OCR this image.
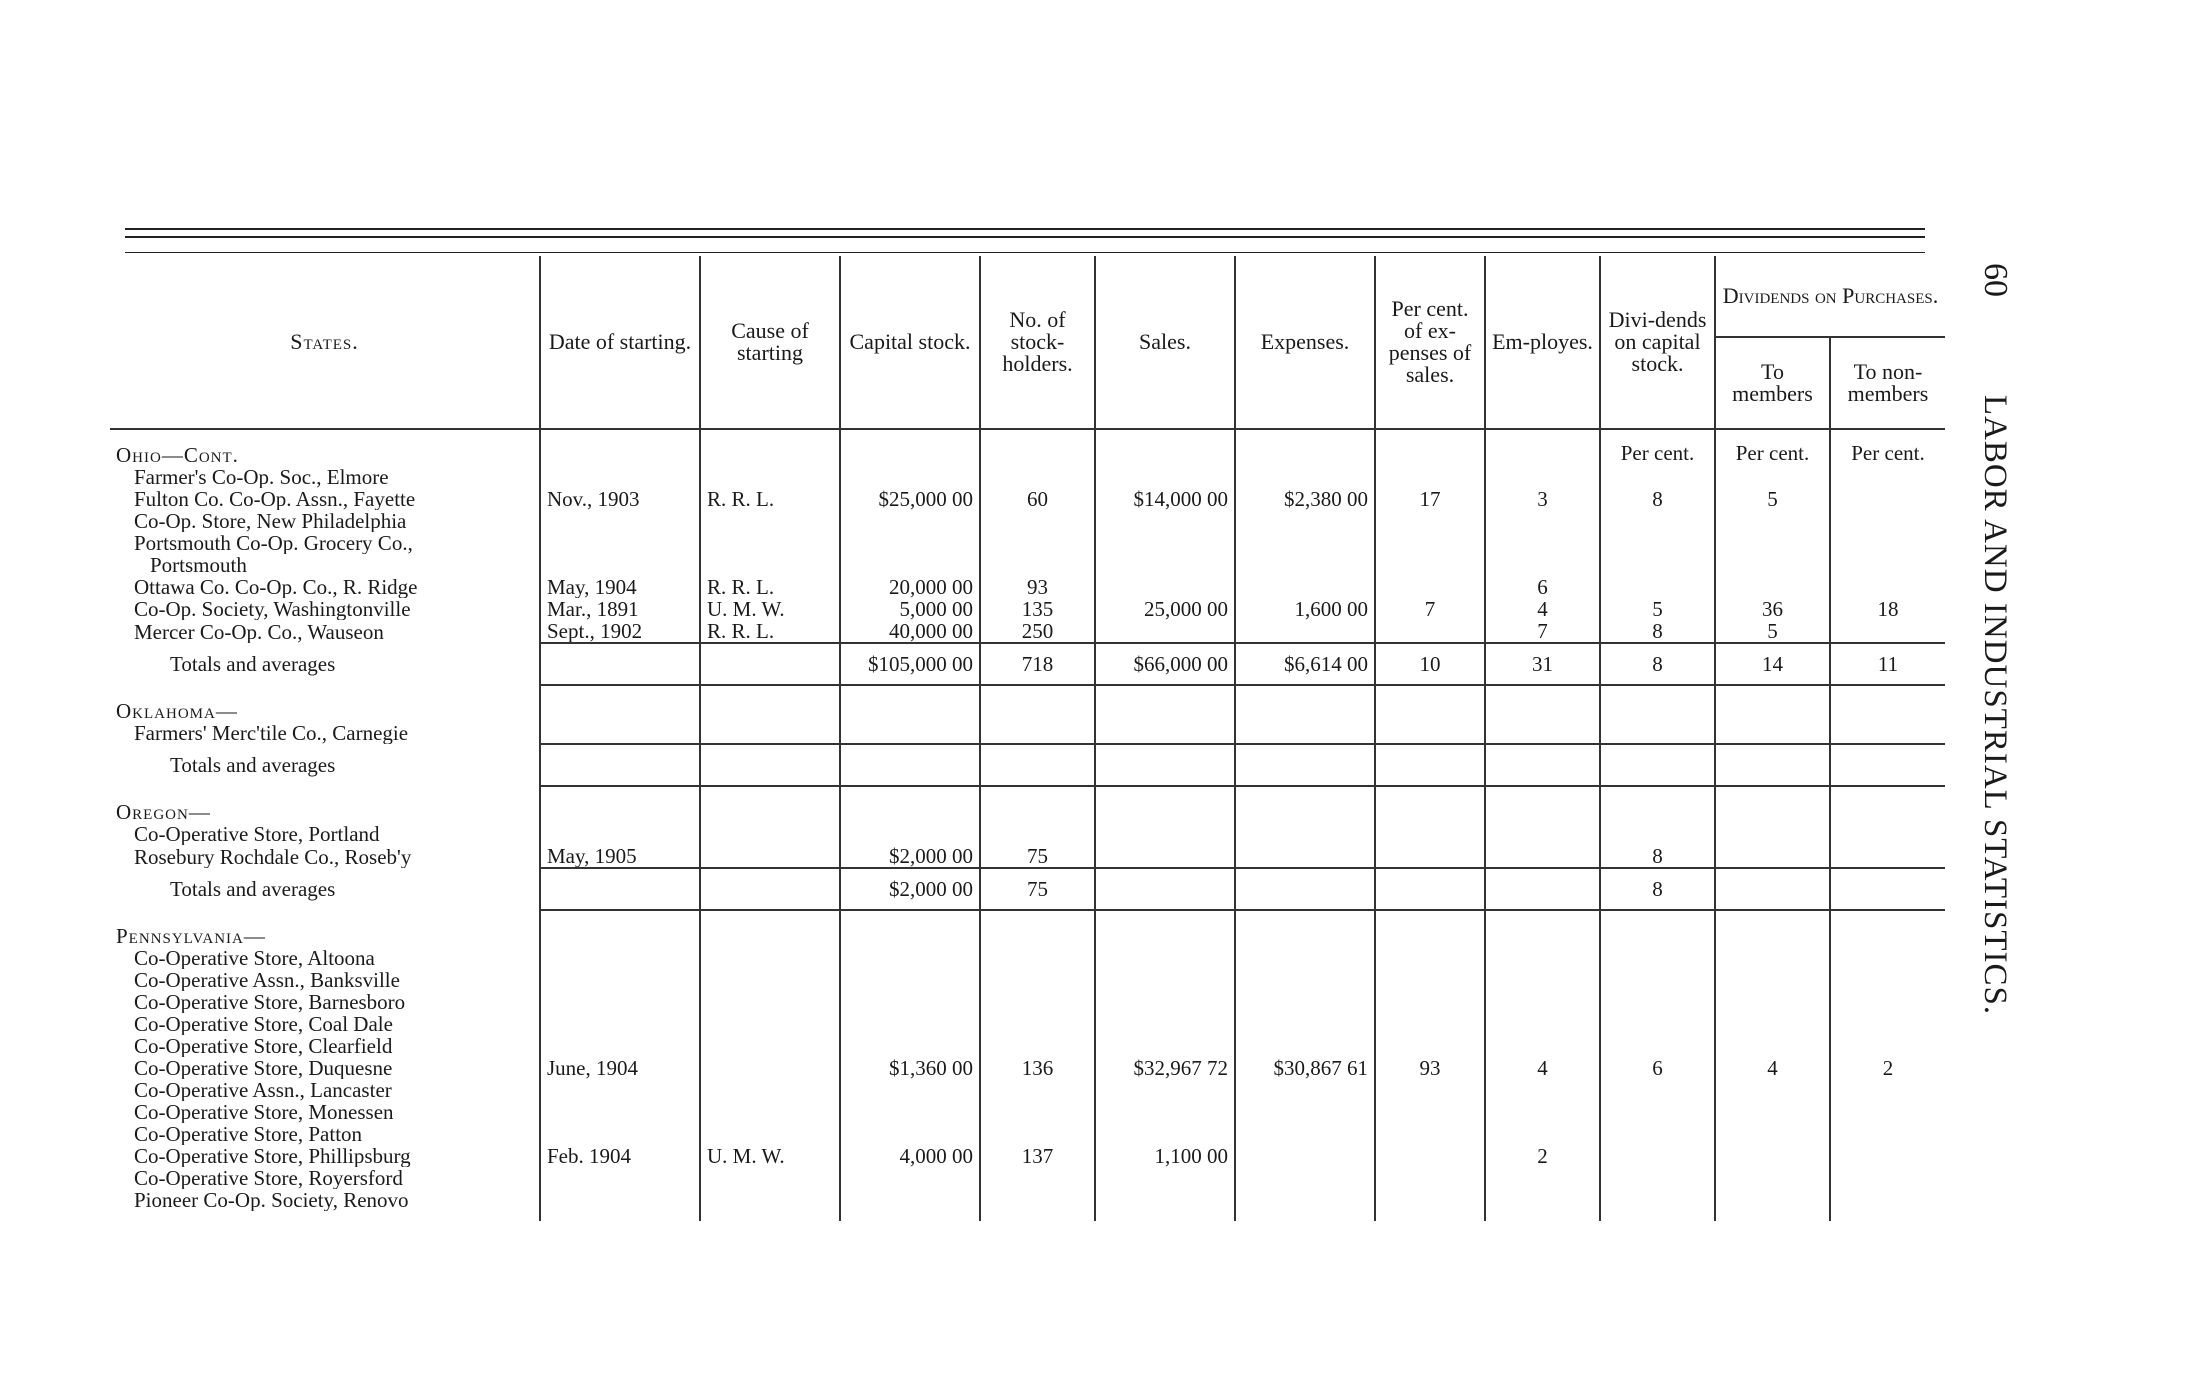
60
LABOR AND INDUSTRIAL STATISTICS.
States.	Date of starting.	Cause of starting	Capital stock.	No. of stock-holders.	Sales.	Expenses.	Per cent. of ex-penses of sales.	Em-ployes.	Divi-dends on capital stock.	Dividends on Purchases.	
										To members	To non-members

Ohio—Cont.									Per cent.	Per cent.	Per cent.
Farmer's Co-Op. Soc., Elmore											
Fulton Co. Co-Op. Assn., Fayette	Nov., 1903	R. R. L.	$25,000 00	60	$14,000 00	$2,380 00	17	3	8	5	
Co-Op. Store, New Philadelphia											
Portsmouth Co-Op. Grocery Co.,											
Portsmouth											
Ottawa Co. Co-Op. Co., R. Ridge	May, 1904	R. R. L.	20,000 00	93				6			
Co-Op. Society, Washingtonville	Mar., 1891	U. M. W.	5,000 00	135	25,000 00	1,600 00	7	4	5	36	18
Mercer Co-Op. Co., Wauseon	Sept., 1902	R. R. L.	40,000 00	250				7	8	5	
Totals and averages			$105,000 00	718	$66,000 00	$6,614 00	10	31	8	14	11

Oklahoma—											
Farmers' Merc'tile Co., Carnegie											
Totals and averages											

Oregon—											
Co-Operative Store, Portland											
Rosebury Rochdale Co., Roseb'y	May, 1905		$2,000 00	75					8		
Totals and averages			$2,000 00	75					8		

Pennsylvania—											
Co-Operative Store, Altoona											
Co-Operative Assn., Banksville											
Co-Operative Store, Barnesboro											
Co-Operative Store, Coal Dale											
Co-Operative Store, Clearfield											
Co-Operative Store, Duquesne	June, 1904		$1,360 00	136	$32,967 72	$30,867 61	93	4	6	4	2
Co-Operative Assn., Lancaster											
Co-Operative Store, Monessen											
Co-Operative Store, Patton											
Co-Operative Store, Phillipsburg	Feb. 1904	U. M. W.	4,000 00	137	1,100 00			2			
Co-Operative Store, Royersford											
Pioneer Co-Op. Society, Renovo											
